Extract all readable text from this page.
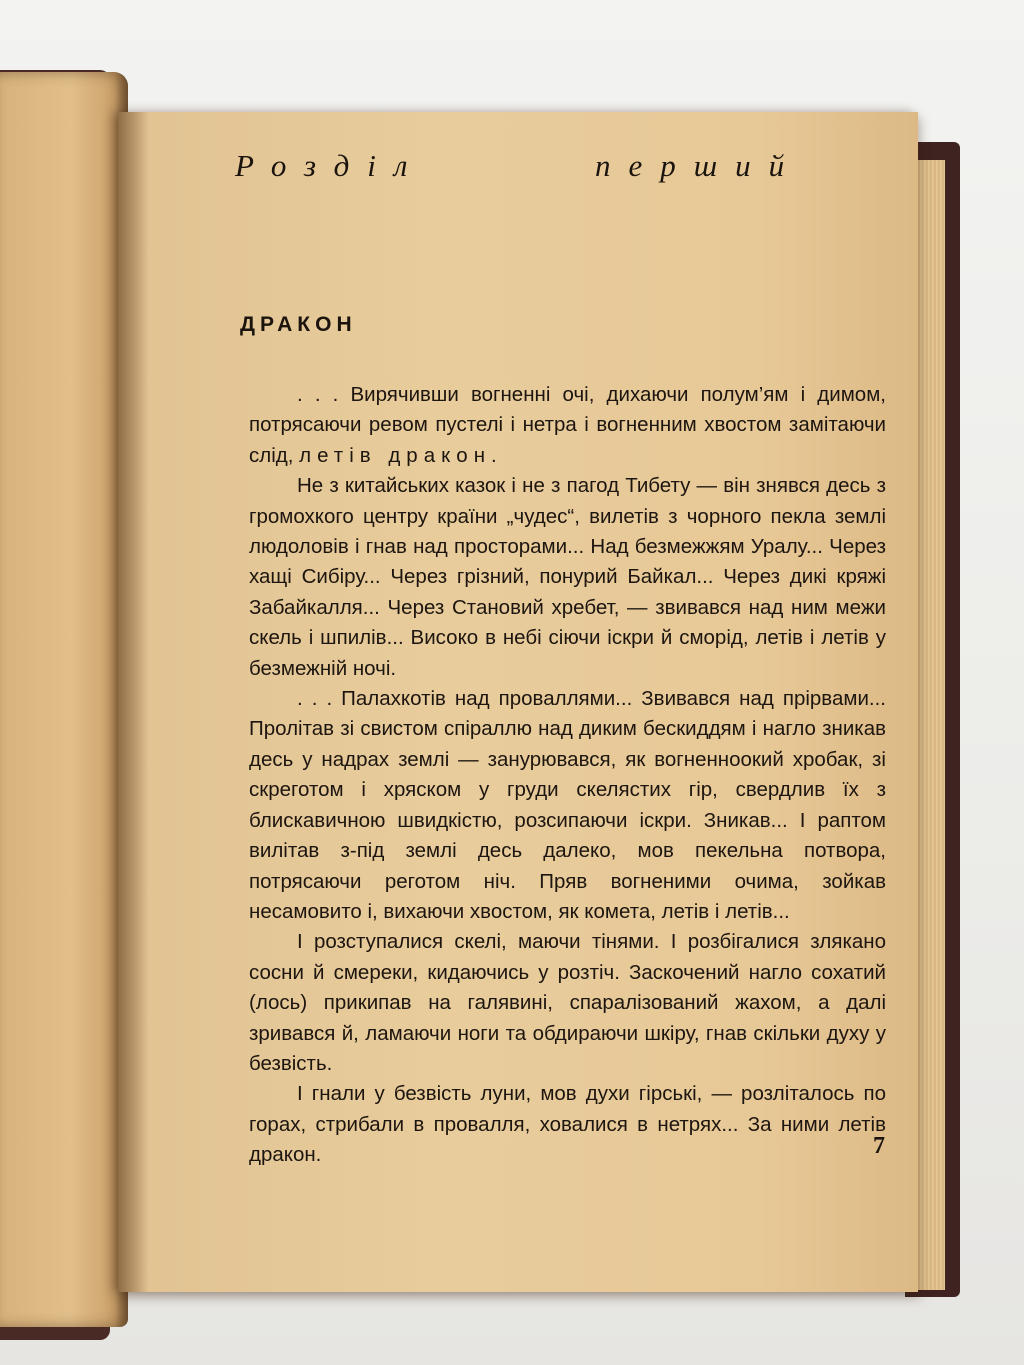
Розділ	перший
ДРАКОН

. . . Вирячивши вогненні очі, дихаючи полум’ям і димом, потрясаючи ревом пустелі і нетра і вогненним хвостом замітаючи слід, летів дракон.

Не з китайських казок і не з пагод Тибету — він знявся десь з громохкого центру країни „чудес“, вилетів з чорного пекла землі людоловів і гнав над просторами... Над безмежжям Уралу... Через хащі Сибіру... Через грізний, понурий Байкал... Через дикі кряжі Забайкалля... Через Становий хребет, — звивався над ним межи скель і шпилів... Високо в небі сіючи іскри й сморід, летів і летів у безмежній ночі.

. . . Палахкотів над проваллями... Звивався над прірвами... Пролітав зі свистом спіраллю над диким бескиддям і нагло зникав десь у надрах землі — занурювався, як вогненноокий хробак, зі скреготом і хряском у груди скелястих гір, свердлив їх з блискавичною швидкістю, розсипаючи іскри. Зникав... І раптом вилітав з-під землі десь далеко, мов пекельна потвора, потрясаючи реготом ніч. Пряв вогненими очима, зойкав несамовито і, вихаючи хвостом, як комета, летів і летів...

І розступалися скелі, маючи тінями. І розбігалися злякано сосни й смереки, кидаючись у розтіч. Заскочений нагло сохатий (лось) прикипав на галявині, спаралізований жахом, а далі зривався й, ламаючи ноги та обдираючи шкіру, гнав скільки духу у безвість.

І гнали у безвість луни, мов духи гірські, — розліталось по горах, стрибали в провалля, ховалися в нетрях... За ними летів дракон.	7
